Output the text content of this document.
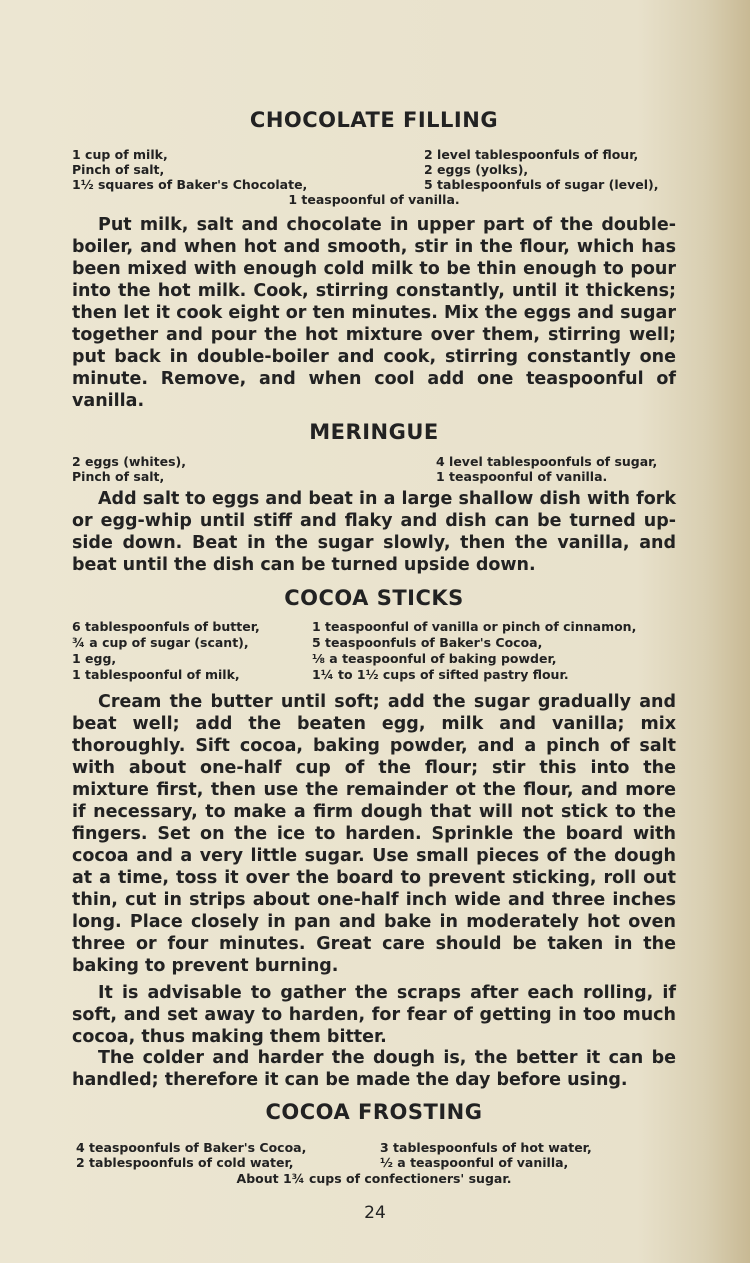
CHOCOLATE FILLING
1 cup of milk,
Pinch of salt,
1½ squares of Baker's Chocolate,
2 level tablespoonfuls of flour,
2 eggs (yolks),
5 tablespoonfuls of sugar (level),
1 teaspoonful of vanilla.

Put milk, salt and chocolate in upper part of the double-boiler, and when hot and smooth, stir in the flour, which has been mixed with enough cold milk to be thin enough to pour into the hot milk. Cook, stirring constantly, until it thickens; then let it cook eight or ten minutes. Mix the eggs and sugar together and pour the hot mixture over them, stirring well; put back in double-boiler and cook, stirring constantly one minute. Remove, and when cool add one teaspoonful of vanilla.

MERINGUE
2 eggs (whites),
Pinch of salt,
4 level tablespoonfuls of sugar,
1 teaspoonful of vanilla.

Add salt to eggs and beat in a large shallow dish with fork or egg-whip until stiff and flaky and dish can be turned up-side down. Beat in the sugar slowly, then the vanilla, and beat until the dish can be turned upside down.

COCOA STICKS
6 tablespoonfuls of butter,
¾ a cup of sugar (scant),
1 egg,
1 tablespoonful of milk,
1 teaspoonful of vanilla or pinch of cinnamon,
5 teaspoonfuls of Baker's Cocoa,
⅛ a teaspoonful of baking powder,
1¼ to 1½ cups of sifted pastry flour.

Cream the butter until soft; add the sugar gradually and beat well; add the beaten egg, milk and vanilla; mix thoroughly. Sift cocoa, baking powder, and a pinch of salt with about one-half cup of the flour; stir this into the mixture first, then use the remainder ot the flour, and more if necessary, to make a firm dough that will not stick to the fingers. Set on the ice to harden. Sprinkle the board with cocoa and a very little sugar. Use small pieces of the dough at a time, toss it over the board to prevent sticking, roll out thin, cut in strips about one-half inch wide and three inches long. Place closely in pan and bake in moderately hot oven three or four minutes. Great care should be taken in the baking to prevent burning.

It is advisable to gather the scraps after each rolling, if soft, and set away to harden, for fear of getting in too much cocoa, thus making them bitter.

The colder and harder the dough is, the better it can be handled; therefore it can be made the day before using.

COCOA FROSTING
4 teaspoonfuls of Baker's Cocoa,
2 tablespoonfuls of cold water,
3 tablespoonfuls of hot water,
½ a teaspoonful of vanilla,
About 1¾ cups of confectioners' sugar.
24
